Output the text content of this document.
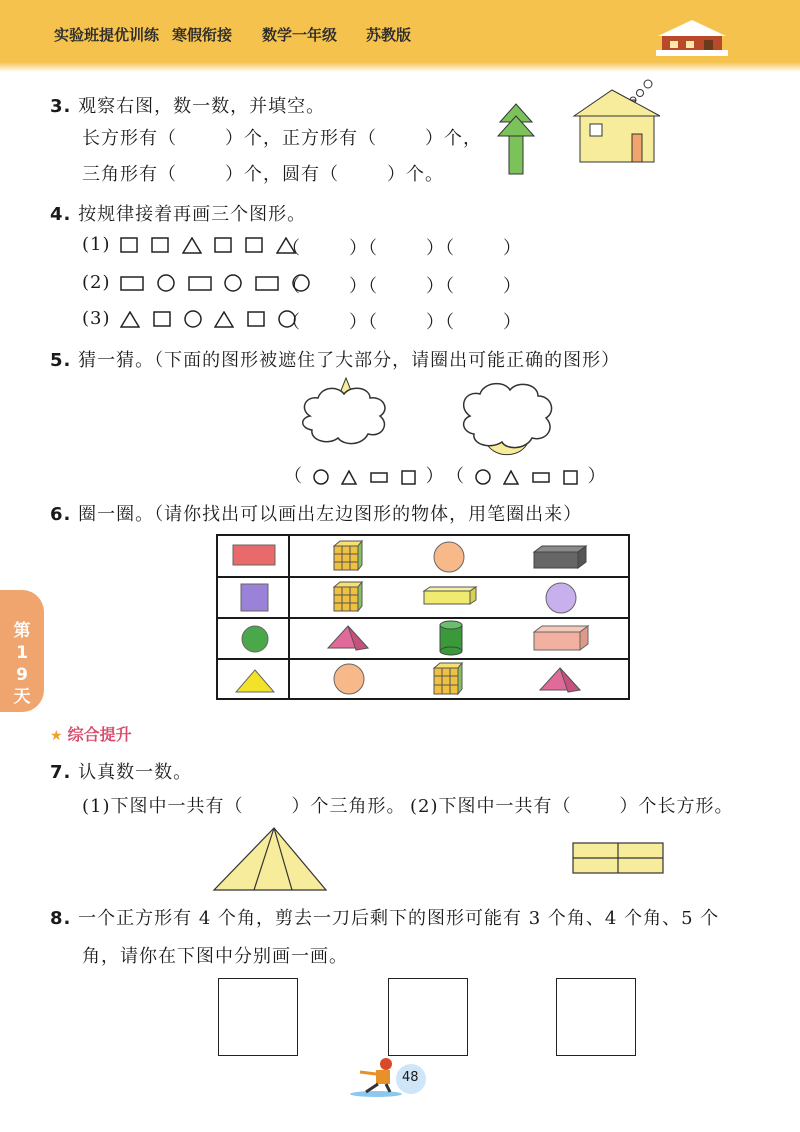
实验班提优训练 寒假衔接 数学一年级 苏教版
第19天
3. 观察右图，数一数，并填空。
长方形有（	）个，正方形有（	）个，
三角形有（	）个，圆有（	）个。
4. 按规律接着再画三个图形。
(1)
(2)
(3)
（	）（	）（	）
（	）（	）（	）
（	）（	）（	）
5. 猜一猜。（下面的图形被遮住了大部分，请圈出可能正确的图形）
（	） （	）
6. 圈一圈。（请你找出可以画出左边图形的物体，用笔圈出来）
★ 综合提升
7. 认真数一数。
(1)下图中一共有（	）个三角形。 (2)下图中一共有（	）个长方形。
8. 一个正方形有 4 个角，剪去一刀后剩下的图形可能有 3 个角、4 个角、5 个
角，请你在下图中分别画一画。
48
